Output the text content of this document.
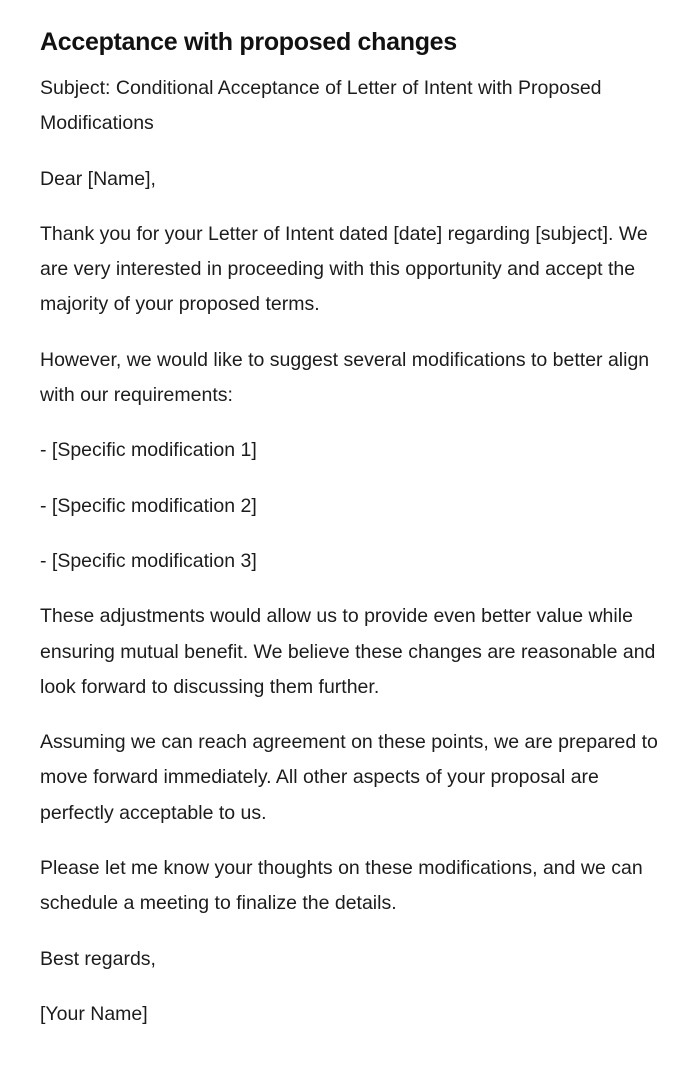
Acceptance with proposed changes

Subject: Conditional Acceptance of Letter of Intent with Proposed Modifications

Dear [Name],

Thank you for your Letter of Intent dated [date] regarding [subject]. We are very interested in proceeding with this opportunity and accept the majority of your proposed terms.

However, we would like to suggest several modifications to better align with our requirements:

- [Specific modification 1]

- [Specific modification 2]

- [Specific modification 3]

These adjustments would allow us to provide even better value while ensuring mutual benefit. We believe these changes are reasonable and look forward to discussing them further.

Assuming we can reach agreement on these points, we are prepared to move forward immediately. All other aspects of your proposal are perfectly acceptable to us.

Please let me know your thoughts on these modifications, and we can schedule a meeting to finalize the details.

Best regards,

[Your Name]
